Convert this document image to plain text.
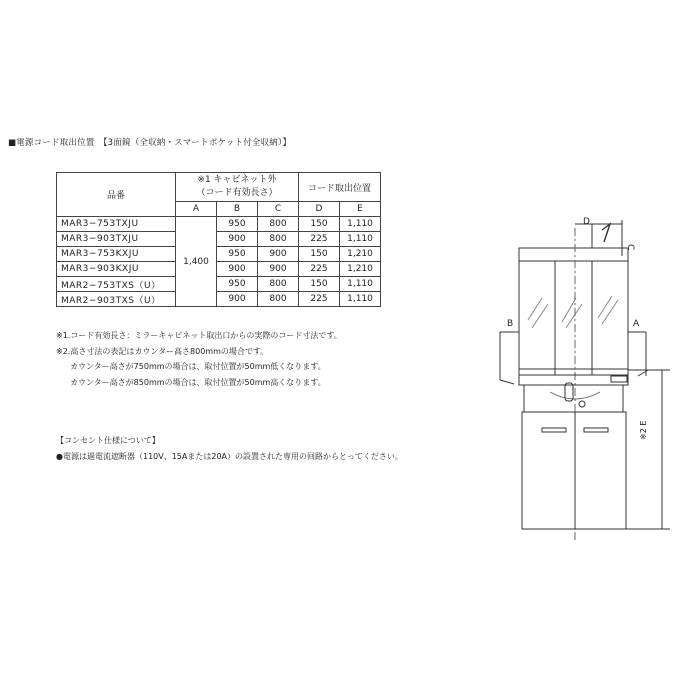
■電源コード取出位置　【3面鏡（全収納・スマートポケット付全収納）】
品番	※1 キャビネット外
（コード有効長さ）			コード取出位置	
	A	B	C	D	E
MAR3−753TXJU	1,400	950	800	150	1,110
MAR3−903TXJU		900	800	225	1,110
MAR3−753KXJU		950	900	150	1,210
MAR3−903KXJU		900	900	225	1,210
MAR2−753TXS（U）		950	800	150	1,110
MAR2−903TXS（U）		900	800	225	1,110
※1.コード有効長さ：ミラーキャビネット取出口からの実際のコード寸法です。
※2.高さ寸法の表記はカウンター高さ800mmの場合です。
カウンター高さが750mmの場合は、取付位置が50mm低くなります。
カウンター高さが850mmの場合は、取付位置が50mm高くなります。
【コンセント仕様について】
●電源は過電流遮断器（110V、15Aまたは20A）の設置された専用の回路からとってください。
D
C
B	A
※2 E
